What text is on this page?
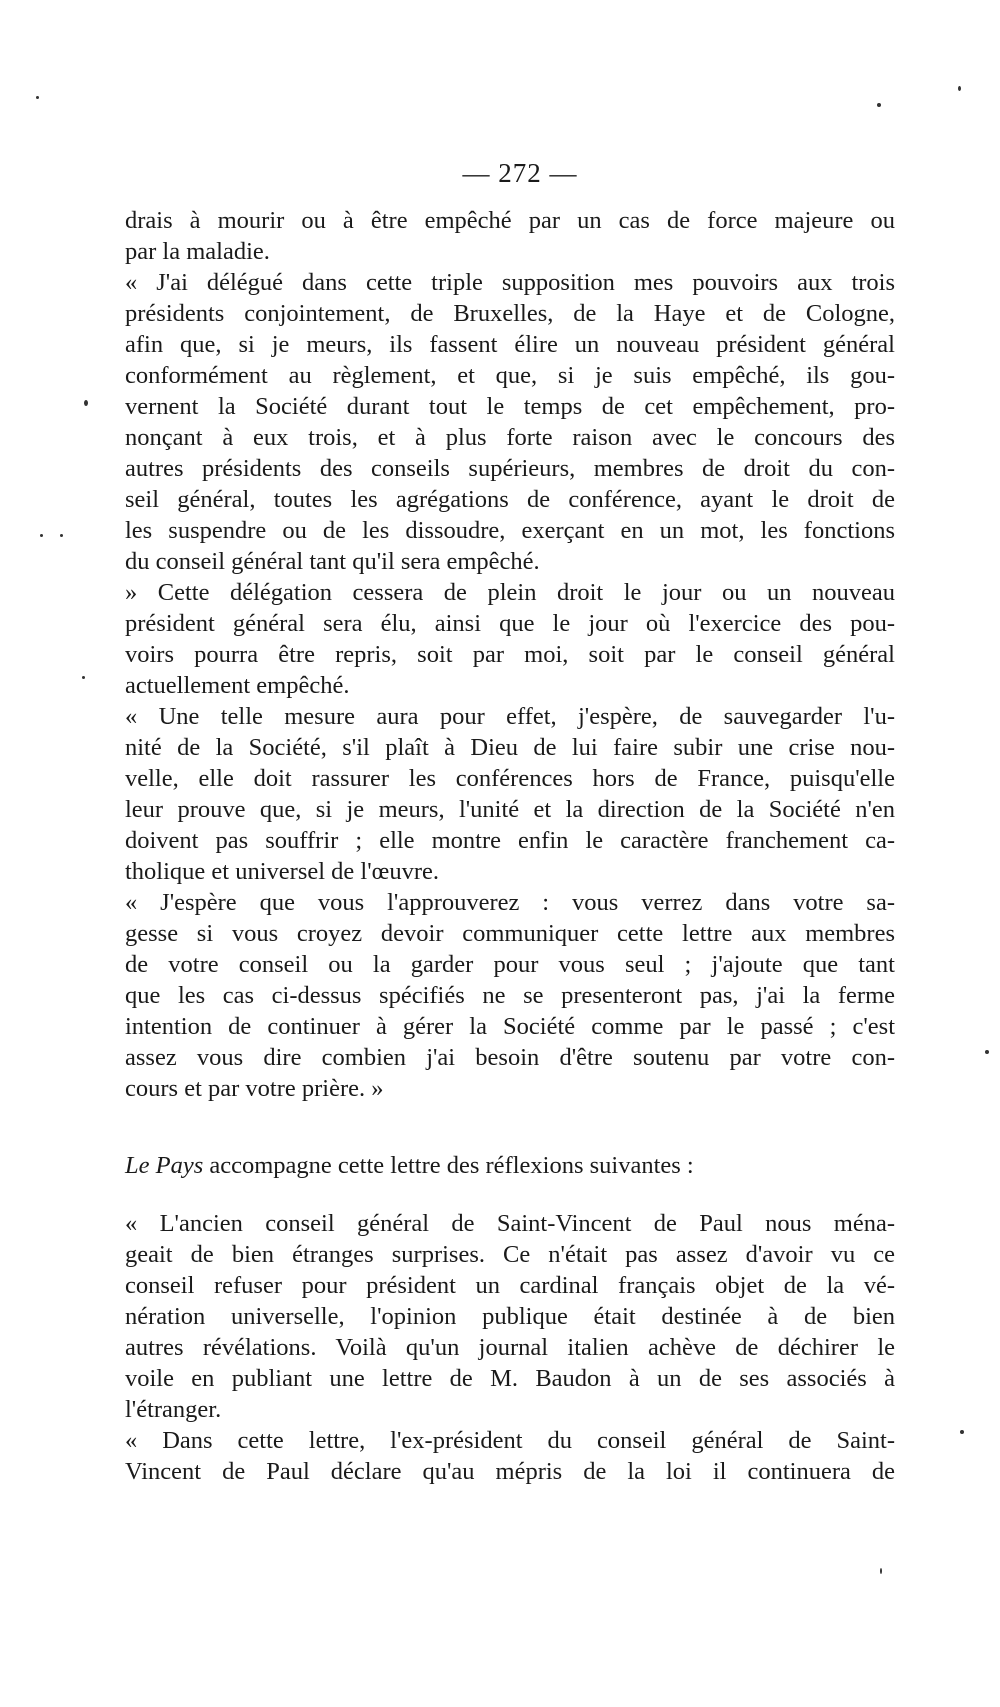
— 272 —
drais à mourir ou à être empêché par un cas de force majeure ou
par la maladie.
« J'ai délégué dans cette triple supposition mes pouvoirs aux trois
présidents conjointement, de Bruxelles, de la Haye et de Cologne,
afin que, si je meurs, ils fassent élire un nouveau président général
conformément au règlement, et que, si je suis empêché, ils gou-
vernent la Société durant tout le temps de cet empêchement, pro-
nonçant à eux trois, et à plus forte raison avec le concours des
autres présidents des conseils supérieurs, membres de droit du con-
seil général, toutes les agrégations de conférence, ayant le droit de
les suspendre ou de les dissoudre, exerçant en un mot, les fonctions
du conseil général tant qu'il sera empêché.
» Cette délégation cessera de plein droit le jour ou un nouveau
président général sera élu, ainsi que le jour où l'exercice des pou-
voirs pourra être repris, soit par moi, soit par le conseil général
actuellement empêché.
« Une telle mesure aura pour effet, j'espère, de sauvegarder l'u-
nité de la Société, s'il plaît à Dieu de lui faire subir une crise nou-
velle, elle doit rassurer les conférences hors de France, puisqu'elle
leur prouve que, si je meurs, l'unité et la direction de la Société n'en
doivent pas souffrir ; elle montre enfin le caractère franchement ca-
tholique et universel de l'œuvre.
« J'espère que vous l'approuverez : vous verrez dans votre sa-
gesse si vous croyez devoir communiquer cette lettre aux membres
de votre conseil ou la garder pour vous seul ; j'ajoute que tant
que les cas ci-dessus spécifiés ne se presenteront pas, j'ai la ferme
intention de continuer à gérer la Société comme par le passé ; c'est
assez vous dire combien j'ai besoin d'être soutenu par votre con-
cours et par votre prière. »
Le Pays accompagne cette lettre des réflexions suivantes :
« L'ancien conseil général de Saint-Vincent de Paul nous ména-
geait de bien étranges surprises. Ce n'était pas assez d'avoir vu ce
conseil refuser pour président un cardinal français objet de la vé-
nération universelle, l'opinion publique était destinée à de bien
autres révélations. Voilà qu'un journal italien achève de déchirer le
voile en publiant une lettre de M. Baudon à un de ses associés à
l'étranger.
« Dans cette lettre, l'ex-président du conseil général de Saint-
Vincent de Paul déclare qu'au mépris de la loi il continuera de
